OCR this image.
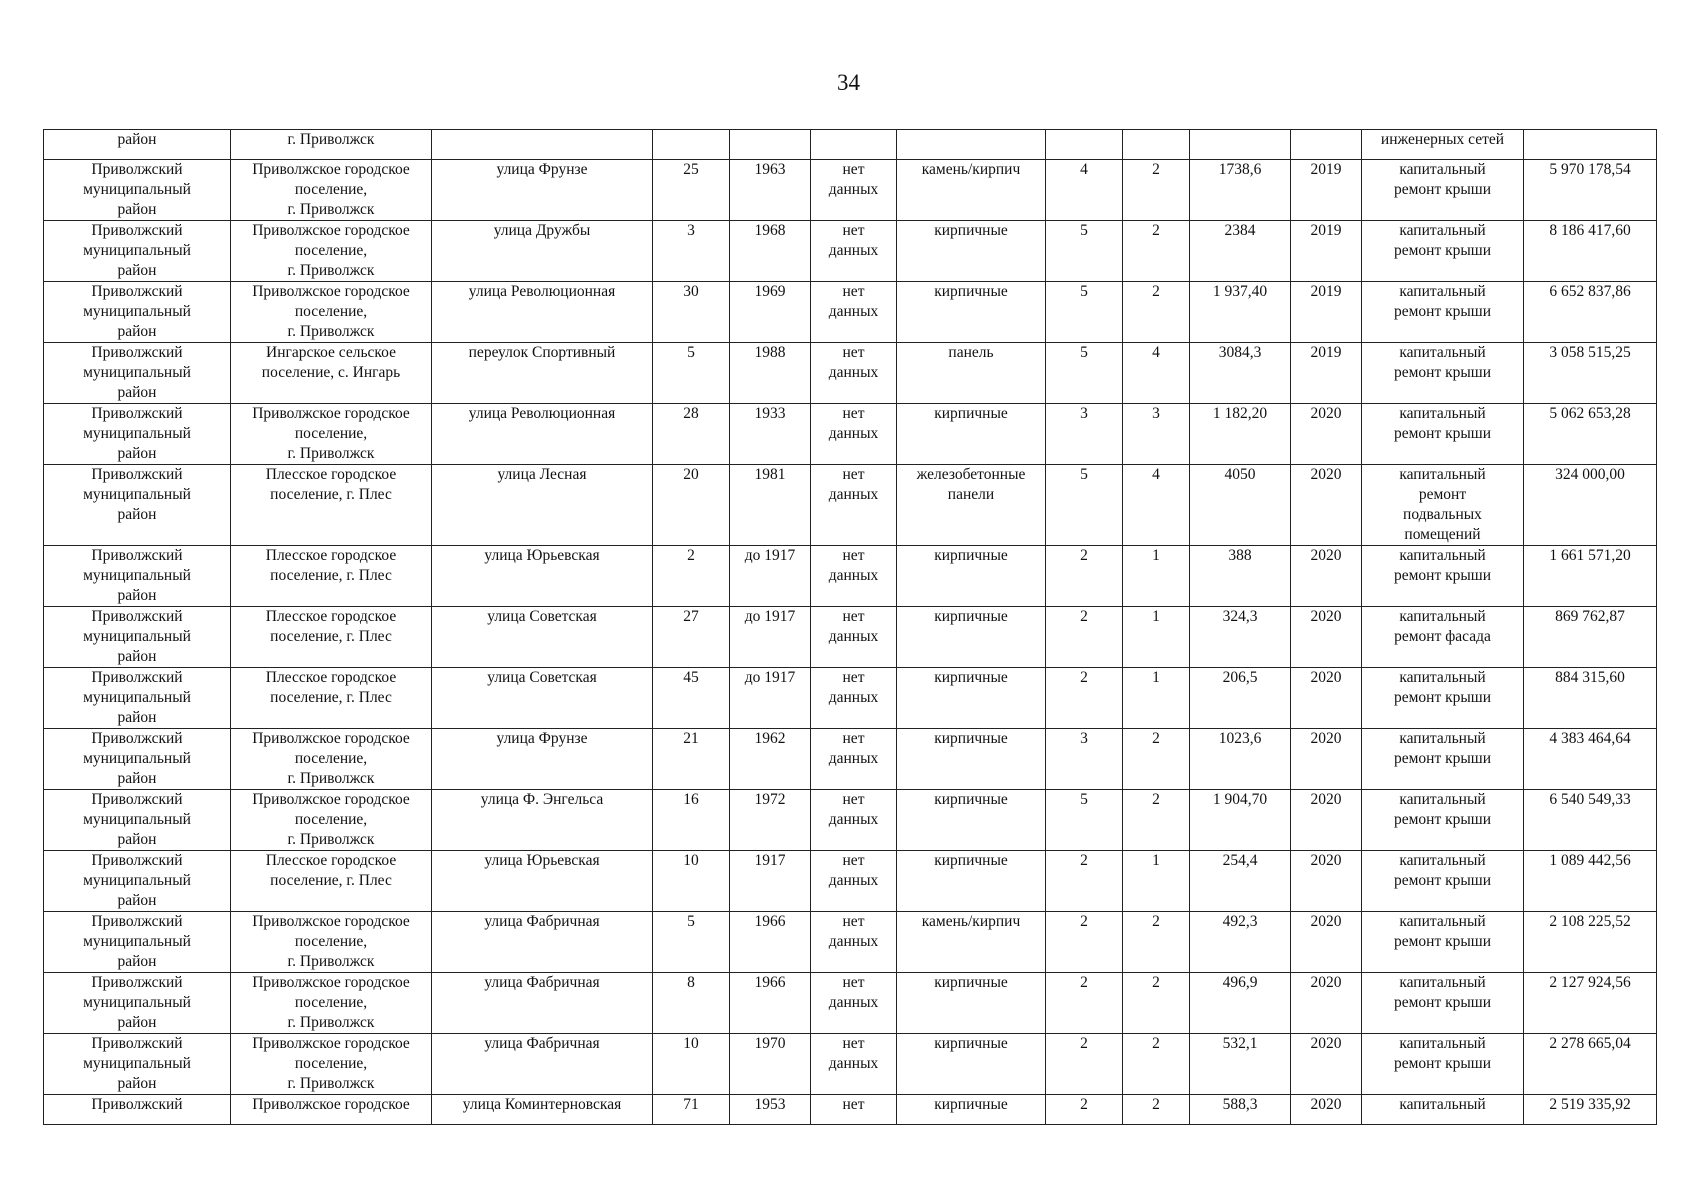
34
район	г. Приволжск										инженерных сетей	
Приволжский
муниципальный
район	Приволжское городское
поселение,
г. Приволжск	улица Фрунзе	25	1963	нет
данных	камень/кирпич	4	2	1738,6	2019	капитальный
ремонт крыши	5 970 178,54
Приволжский
муниципальный
район	Приволжское городское
поселение,
г. Приволжск	улица Дружбы	3	1968	нет
данных	кирпичные	5	2	2384	2019	капитальный
ремонт крыши	8 186 417,60
Приволжский
муниципальный
район	Приволжское городское
поселение,
г. Приволжск	улица Революционная	30	1969	нет
данных	кирпичные	5	2	1 937,40	2019	капитальный
ремонт крыши	6 652 837,86
Приволжский
муниципальный
район	Ингарское сельское
поселение, с. Ингарь	переулок Спортивный	5	1988	нет
данных	панель	5	4	3084,3	2019	капитальный
ремонт крыши	3 058 515,25
Приволжский
муниципальный
район	Приволжское городское
поселение,
г. Приволжск	улица Революционная	28	1933	нет
данных	кирпичные	3	3	1 182,20	2020	капитальный
ремонт крыши	5 062 653,28
Приволжский
муниципальный
район	Плесское городское
поселение, г. Плес	улица Лесная	20	1981	нет
данных	железобетонные
панели	5	4	4050	2020	капитальный
ремонт
подвальных
помещений	324 000,00
Приволжский
муниципальный
район	Плесское городское
поселение, г. Плес	улица Юрьевская	2	до 1917	нет
данных	кирпичные	2	1	388	2020	капитальный
ремонт крыши	1 661 571,20
Приволжский
муниципальный
район	Плесское городское
поселение, г. Плес	улица Советская	27	до 1917	нет
данных	кирпичные	2	1	324,3	2020	капитальный
ремонт фасада	869 762,87
Приволжский
муниципальный
район	Плесское городское
поселение, г. Плес	улица Советская	45	до 1917	нет
данных	кирпичные	2	1	206,5	2020	капитальный
ремонт крыши	884 315,60
Приволжский
муниципальный
район	Приволжское городское
поселение,
г. Приволжск	улица Фрунзе	21	1962	нет
данных	кирпичные	3	2	1023,6	2020	капитальный
ремонт крыши	4 383 464,64
Приволжский
муниципальный
район	Приволжское городское
поселение,
г. Приволжск	улица Ф. Энгельса	16	1972	нет
данных	кирпичные	5	2	1 904,70	2020	капитальный
ремонт крыши	6 540 549,33
Приволжский
муниципальный
район	Плесское городское
поселение, г. Плес	улица Юрьевская	10	1917	нет
данных	кирпичные	2	1	254,4	2020	капитальный
ремонт крыши	1 089 442,56
Приволжский
муниципальный
район	Приволжское городское
поселение,
г. Приволжск	улица Фабричная	5	1966	нет
данных	камень/кирпич	2	2	492,3	2020	капитальный
ремонт крыши	2 108 225,52
Приволжский
муниципальный
район	Приволжское городское
поселение,
г. Приволжск	улица Фабричная	8	1966	нет
данных	кирпичные	2	2	496,9	2020	капитальный
ремонт крыши	2 127 924,56
Приволжский
муниципальный
район	Приволжское городское
поселение,
г. Приволжск	улица Фабричная	10	1970	нет
данных	кирпичные	2	2	532,1	2020	капитальный
ремонт крыши	2 278 665,04
Приволжский	Приволжское городское	улица Коминтерновская	71	1953	нет	кирпичные	2	2	588,3	2020	капитальный	2 519 335,92
